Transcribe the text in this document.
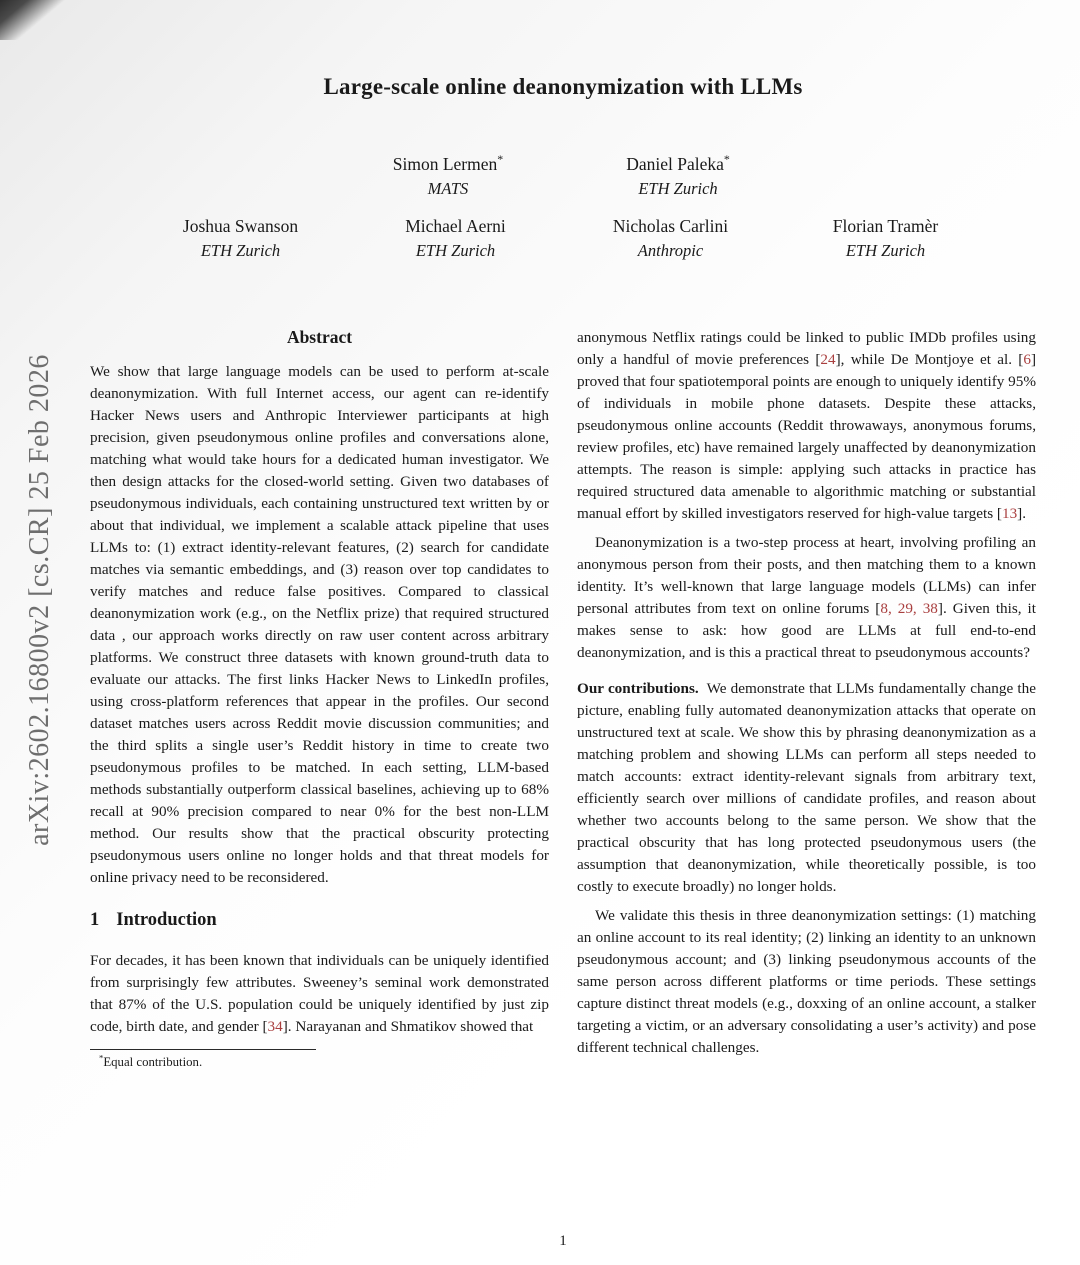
arXiv:2602.16800v2 [cs.CR] 25 Feb 2026
Large-scale online deanonymization with LLMs
Simon Lermen*
MATS
Daniel Paleka*
ETH Zurich
Joshua Swanson
ETH Zurich
Michael Aerni
ETH Zurich
Nicholas Carlini
Anthropic
Florian Tramèr
ETH Zurich
Abstract

We show that large language models can be used to perform at-scale deanonymization. With full Internet access, our agent can re-identify Hacker News users and Anthropic Interviewer participants at high precision, given pseudonymous online profiles and conversations alone, matching what would take hours for a dedicated human investigator. We then design attacks for the closed-world setting. Given two databases of pseudonymous individuals, each containing unstructured text written by or about that individual, we implement a scalable attack pipeline that uses LLMs to: (1) extract identity-relevant features, (2) search for candidate matches via semantic embeddings, and (3) reason over top candidates to verify matches and reduce false positives. Compared to classical deanonymization work (e.g., on the Netflix prize) that required structured data , our approach works directly on raw user content across arbitrary platforms. We construct three datasets with known ground-truth data to evaluate our attacks. The first links Hacker News to LinkedIn profiles, using cross-platform references that appear in the profiles. Our second dataset matches users across Reddit movie discussion communities; and the third splits a single user’s Reddit history in time to create two pseudonymous profiles to be matched. In each setting, LLM-based methods substantially outperform classical baselines, achieving up to 68% recall at 90% precision compared to near 0% for the best non-LLM method. Our results show that the practical obscurity protecting pseudonymous users online no longer holds and that threat models for online privacy need to be reconsidered.

1 Introduction

For decades, it has been known that individuals can be uniquely identified from surprisingly few attributes. Sweeney’s seminal work demonstrated that 87% of the U.S. population could be uniquely identified by just zip code, birth date, and gender [34]. Narayanan and Shmatikov showed that

*Equal contribution.

anonymous Netflix ratings could be linked to public IMDb profiles using only a handful of movie preferences [24], while De Montjoye et al. [6] proved that four spatiotemporal points are enough to uniquely identify 95% of individuals in mobile phone datasets. Despite these attacks, pseudonymous online accounts (Reddit throwaways, anonymous forums, review profiles, etc) have remained largely unaffected by deanonymization attempts. The reason is simple: applying such attacks in practice has required structured data amenable to algorithmic matching or substantial manual effort by skilled investigators reserved for high-value targets [13].

Deanonymization is a two-step process at heart, involving profiling an anonymous person from their posts, and then matching them to a known identity. It’s well-known that large language models (LLMs) can infer personal attributes from text on online forums [8, 29, 38]. Given this, it makes sense to ask: how good are LLMs at full end-to-end deanonymization, and is this a practical threat to pseudonymous accounts?

Our contributions. We demonstrate that LLMs fundamentally change the picture, enabling fully automated deanonymization attacks that operate on unstructured text at scale. We show this by phrasing deanonymization as a matching problem and showing LLMs can perform all steps needed to match accounts: extract identity-relevant signals from arbitrary text, efficiently search over millions of candidate profiles, and reason about whether two accounts belong to the same person. We show that the practical obscurity that has long protected pseudonymous users (the assumption that deanonymization, while theoretically possible, is too costly to execute broadly) no longer holds.

We validate this thesis in three deanonymization settings: (1) matching an online account to its real identity; (2) linking an identity to an unknown pseudonymous account; and (3) linking pseudonymous accounts of the same person across different platforms or time periods. These settings capture distinct threat models (e.g., doxxing of an online account, a stalker targeting a victim, or an adversary consolidating a user’s activity) and pose different technical challenges.

1
